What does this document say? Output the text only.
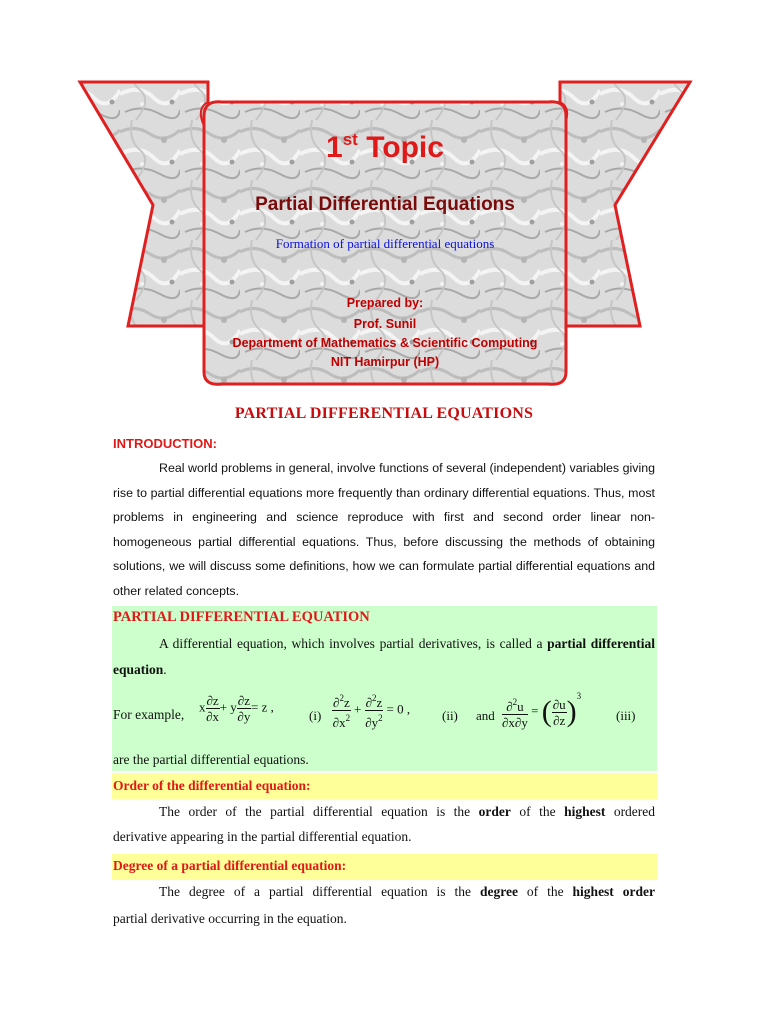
1st Topic
Partial Differential Equations
Formation of partial differential equations
Prepared by:
Prof. Sunil
Department of Mathematics & Scientific Computing
NIT Hamirpur (HP)
PARTIAL DIFFERENTIAL EQUATIONS
INTRODUCTION:
Real world problems in general, involve functions of several (independent) variables giving rise to partial differential equations more frequently than ordinary differential equations. Thus, most problems in engineering and science reproduce with first and second order linear non-homogeneous partial differential equations. Thus, before discussing the methods of obtaining solutions, we will discuss some definitions, how we can formulate partial differential equations and other related concepts.
PARTIAL DIFFERENTIAL EQUATION
A differential equation, which involves partial derivatives, is called a partial differential equation.
For example,
x $\frac{\partial z}{\partial x} + y \frac{\partial z}{\partial y} = z$ ,
$(i) \frac{\partial^2z}{\partial x^2} + \frac{\partial^2z}{\partial y^2} = 0$ , (ii) and $\frac{\partial^2u}{\partial x\partial y}$ = ( $\frac{\partial u}{\partial z} )^3$
(iii)
are the partial differential equations.
Order of the differential equation:
The order of the partial differential equation is the order of the highest ordered
derivative appearing in the partial differential equation.
Degree of a partial differential equation:
The degree of a partial differential equation is the degree of the highest order
partial derivative occurring in the equation.
